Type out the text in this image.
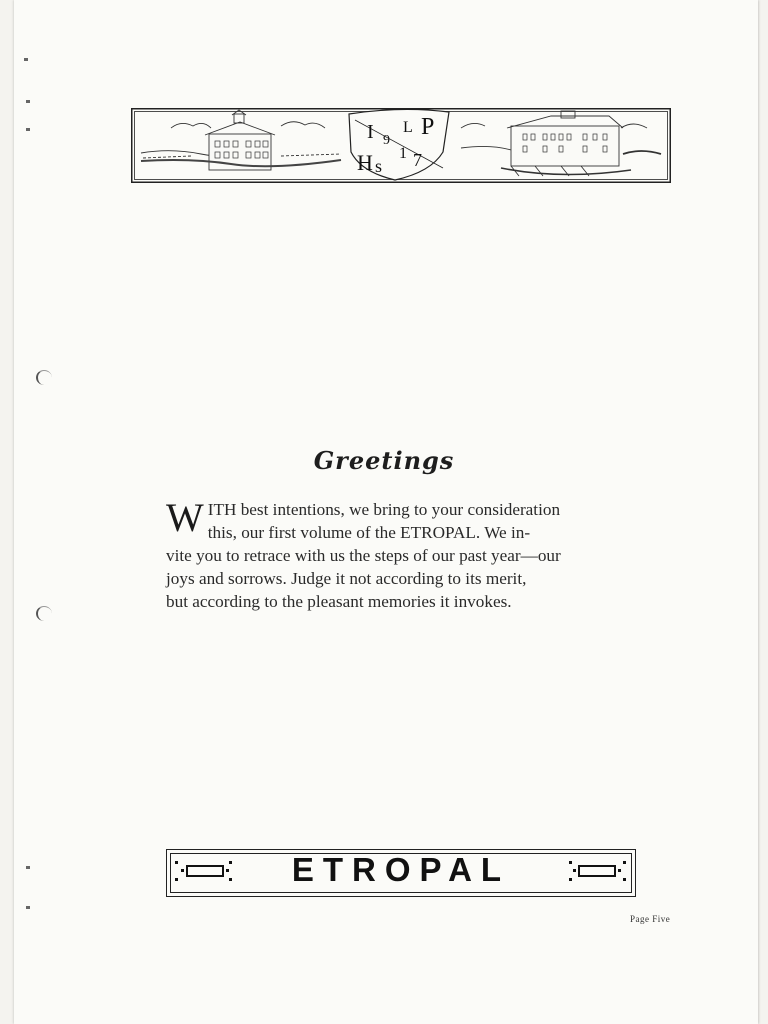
I 9
L P
H s
1 7
Greetings
W ITH best intentions, we bring to your consideration
this, our first volume of the ETROPAL. We in-
vite you to retrace with us the steps of our past year—our
joys and sorrows. Judge it not according to its merit,
but according to the pleasant memories it invokes.
ETROPAL
Page Five
